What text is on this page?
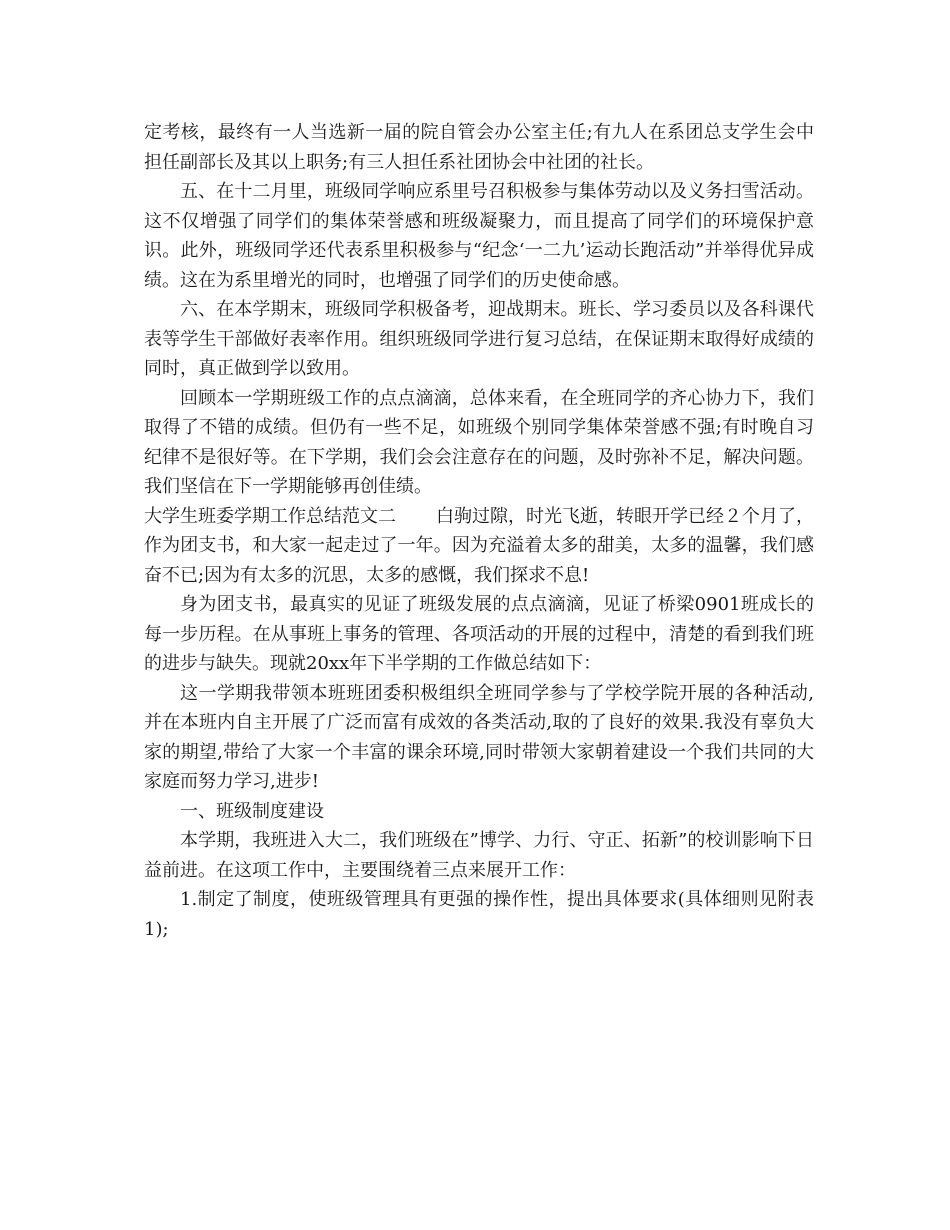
定考核，最终有一人当选新一届的院自管会办公室主任;有九人在系团总支学生会中担任副部长及其以上职务;有三人担任系社团协会中社团的社长。

五、在十二月里，班级同学响应系里号召积极参与集体劳动以及义务扫雪活动。这不仅增强了同学们的集体荣誉感和班级凝聚力，而且提高了同学们的环境保护意识。此外，班级同学还代表系里积极参与“纪念‘一二九’运动长跑活动”并举得优异成绩。这在为系里增光的同时，也增强了同学们的历史使命感。

六、在本学期末，班级同学积极备考，迎战期末。班长、学习委员以及各科课代表等学生干部做好表率作用。组织班级同学进行复习总结，在保证期末取得好成绩的同时，真正做到学以致用。

回顾本一学期班级工作的点点滴滴，总体来看，在全班同学的齐心协力下，我们取得了不错的成绩。但仍有一些不足，如班级个别同学集体荣誉感不强;有时晚自习纪律不是很好等。在下学期，我们会会注意存在的问题，及时弥补不足，解决问题。我们坚信在下一学期能够再创佳绩。

大学生班委学期工作总结范文二 白驹过隙，时光飞逝，转眼开学已经２个月了，作为团支书，和大家一起走过了一年。因为充溢着太多的甜美，太多的温馨，我们感奋不已;因为有太多的沉思，太多的感慨，我们探求不息!

身为团支书，最真实的见证了班级发展的点点滴滴，见证了桥梁0901班成长的每一步历程。在从事班上事务的管理、各项活动的开展的过程中，清楚的看到我们班的进步与缺失。现就20xx年下半学期的工作做总结如下：

这一学期我带领本班班团委积极组织全班同学参与了学校学院开展的各种活动,并在本班内自主开展了广泛而富有成效的各类活动,取的了良好的效果.我没有辜负大家的期望,带给了大家一个丰富的课余环境,同时带领大家朝着建设一个我们共同的大家庭而努力学习,进步!

一、班级制度建设

本学期，我班进入大二，我们班级在”博学、力行、守正、拓新”的校训影响下日益前进。在这项工作中，主要围绕着三点来展开工作：

1.制定了制度，使班级管理具有更强的操作性，提出具体要求(具体细则见附表1);
